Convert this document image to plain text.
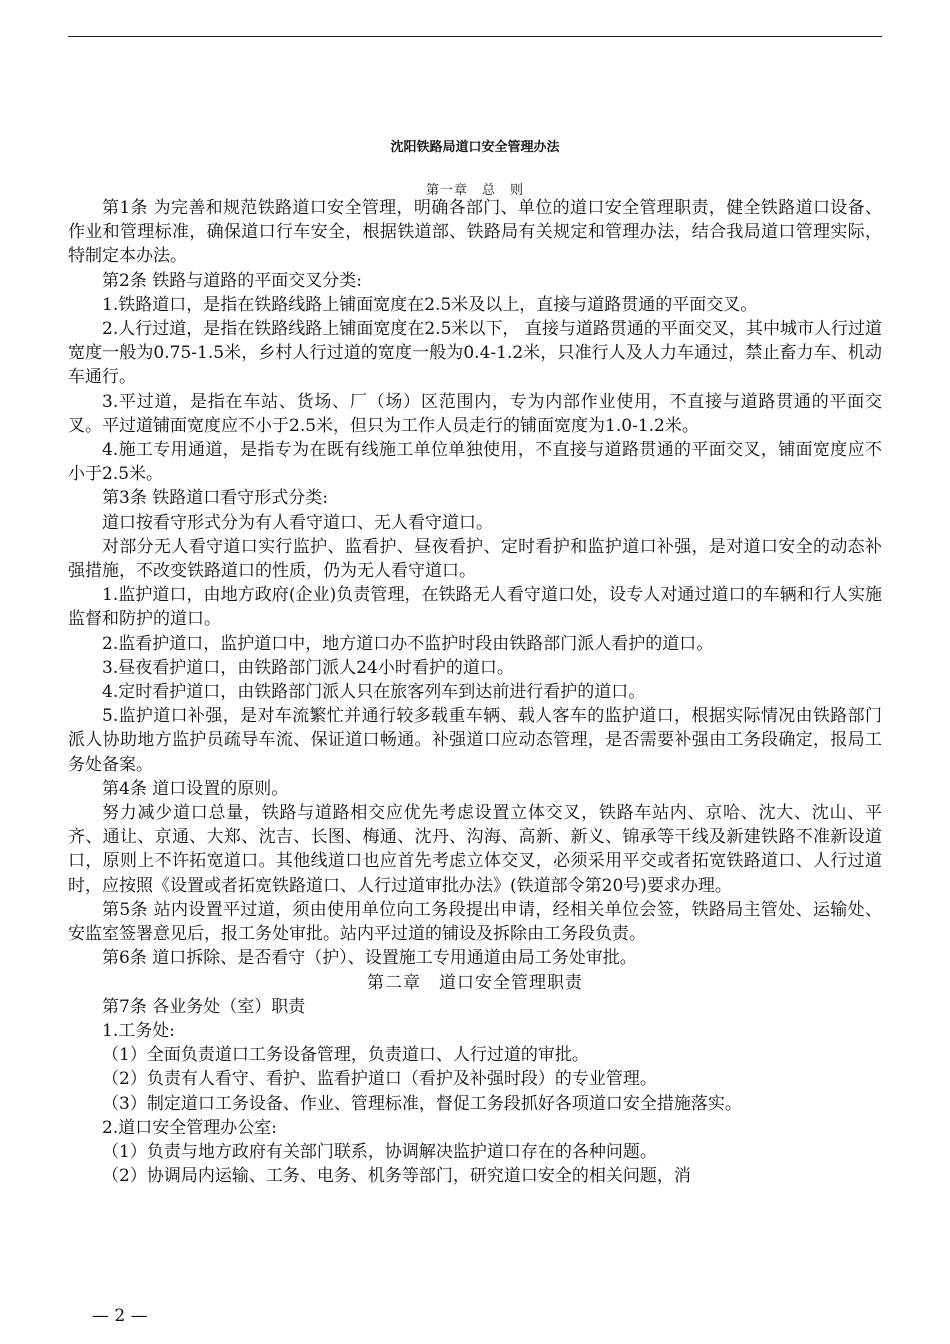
沈阳铁路局道口安全管理办法
第一章　总　则

第1条 为完善和规范铁路道口安全管理，明确各部门、单位的道口安全管理职责，健全铁路道口设备、作业和管理标准，确保道口行车安全，根据铁道部、铁路局有关规定和管理办法，结合我局道口管理实际，特制定本办法。

第2条 铁路与道路的平面交叉分类:

1.铁路道口，是指在铁路线路上铺面宽度在2.5米及以上，直接与道路贯通的平面交叉。

2.人行过道，是指在铁路线路上铺面宽度在2.5米以下， 直接与道路贯通的平面交叉，其中城市人行过道宽度一般为0.75-1.5米，乡村人行过道的宽度一般为0.4-1.2米，只准行人及人力车通过，禁止畜力车、机动车通行。

3.平过道，是指在车站、货场、厂（场）区范围内，专为内部作业使用，不直接与道路贯通的平面交叉。平过道铺面宽度应不小于2.5米，但只为工作人员走行的铺面宽度为1.0-1.2米。

4.施工专用通道，是指专为在既有线施工单位单独使用，不直接与道路贯通的平面交叉，铺面宽度应不小于2.5米。

第3条 铁路道口看守形式分类:

道口按看守形式分为有人看守道口、无人看守道口。

对部分无人看守道口实行监护、监看护、昼夜看护、定时看护和监护道口补强，是对道口安全的动态补强措施，不改变铁路道口的性质，仍为无人看守道口。

1.监护道口，由地方政府(企业)负责管理，在铁路无人看守道口处，设专人对通过道口的车辆和行人实施监督和防护的道口。

2.监看护道口，监护道口中，地方道口办不监护时段由铁路部门派人看护的道口。

3.昼夜看护道口，由铁路部门派人24小时看护的道口。

4.定时看护道口，由铁路部门派人只在旅客列车到达前进行看护的道口。

5.监护道口补强，是对车流繁忙并通行较多载重车辆、载人客车的监护道口，根据实际情况由铁路部门派人协助地方监护员疏导车流、保证道口畅通。补强道口应动态管理，是否需要补强由工务段确定，报局工务处备案。

第4条 道口设置的原则。

努力减少道口总量，铁路与道路相交应优先考虑设置立体交叉，铁路车站内、京哈、沈大、沈山、平齐、通让、京通、大郑、沈吉、长图、梅通、沈丹、沟海、高新、新义、锦承等干线及新建铁路不准新设道口，原则上不许拓宽道口。其他线道口也应首先考虑立体交叉，必须采用平交或者拓宽铁路道口、人行过道时，应按照《设置或者拓宽铁路道口、人行过道审批办法》(铁道部令第20号)要求办理。

第5条 站内设置平过道，须由使用单位向工务段提出申请，经相关单位会签，铁路局主管处、运输处、安监室签署意见后，报工务处审批。站内平过道的铺设及拆除由工务段负责。

第6条 道口拆除、是否看守（护）、设置施工专用通道由局工务处审批。

第二章　道口安全管理职责

第7条 各业务处（室）职责

1.工务处:

（1）全面负责道口工务设备管理，负责道口、人行过道的审批。

（2）负责有人看守、看护、监看护道口（看护及补强时段）的专业管理。

（3）制定道口工务设备、作业、管理标准，督促工务段抓好各项道口安全措施落实。

2.道口安全管理办公室:

（1）负责与地方政府有关部门联系，协调解决监护道口存在的各种问题。

（2）协调局内运输、工务、电务、机务等部门，研究道口安全的相关问题，消

— 2 —
